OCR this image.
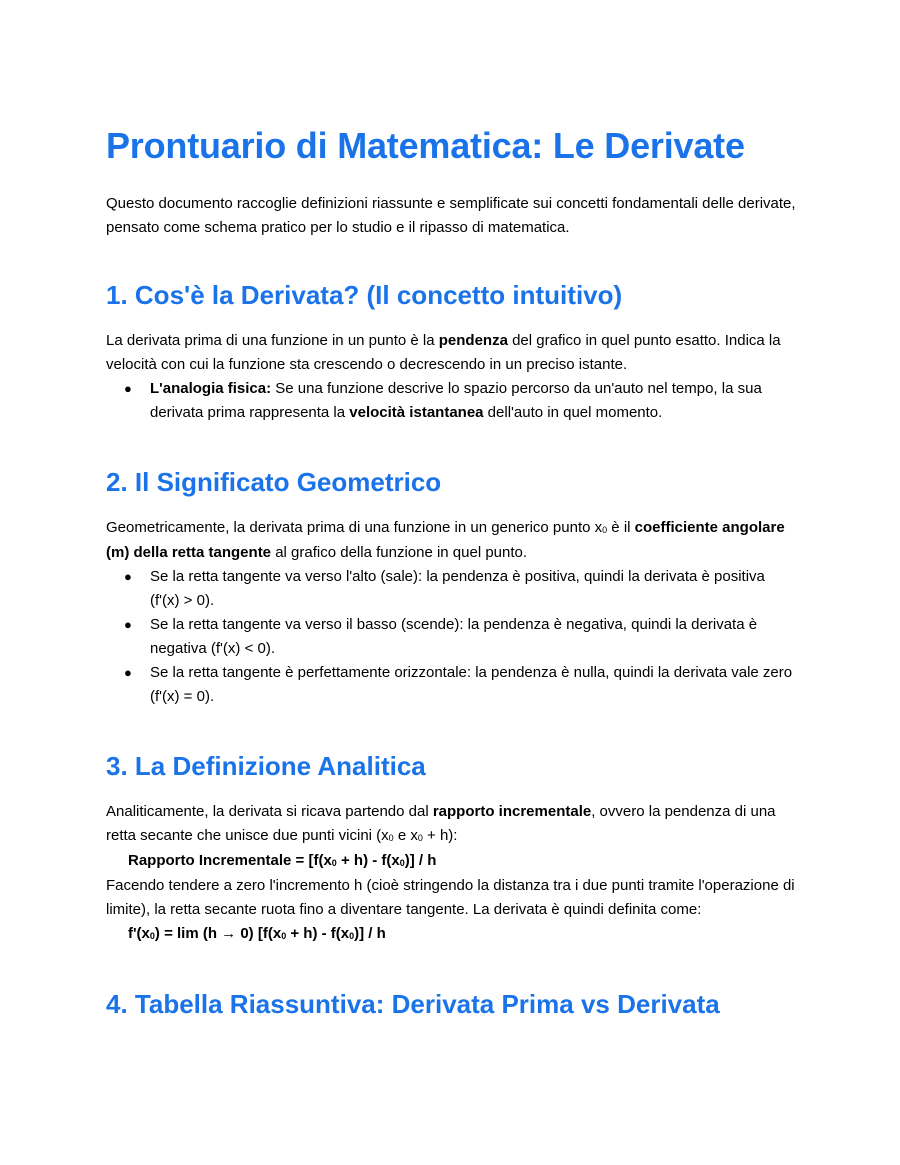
Prontuario di Matematica: Le Derivate

Questo documento raccoglie definizioni riassunte e semplificate sui concetti fondamentali delle derivate, pensato come schema pratico per lo studio e il ripasso di matematica.

1. Cos'è la Derivata? (Il concetto intuitivo)

La derivata prima di una funzione in un punto è la pendenza del grafico in quel punto esatto. Indica la velocità con cui la funzione sta crescendo o decrescendo in un preciso istante.

● L'analogia fisica: Se una funzione descrive lo spazio percorso da un'auto nel tempo, la sua derivata prima rappresenta la velocità istantanea dell'auto in quel momento.
2. Il Significato Geometrico

Geometricamente, la derivata prima di una funzione in un generico punto $x_0$ è il coefficiente angolare (m) della retta tangente al grafico della funzione in quel punto.

● Se la retta tangente va verso l'alto (sale): la pendenza è positiva, quindi la derivata è positiva (f'(x) > 0).
● Se la retta tangente va verso il basso (scende): la pendenza è negativa, quindi la derivata è negativa (f'(x) < 0).
● Se la retta tangente è perfettamente orizzontale: la pendenza è nulla, quindi la derivata vale zero (f'(x) = 0).
3. La Definizione Analitica

Analiticamente, la derivata si ricava partendo dal rapporto incrementale, ovvero la pendenza di una retta secante che unisce due punti vicini ($x_0$ e $x_0 + h$):

Rapporto Incrementale = $[f(x_0 + h) - f(x_0)] / h$

Facendo tendere a zero l'incremento h (cioè stringendo la distanza tra i due punti tramite l'operazione di limite), la retta secante ruota fino a diventare tangente. La derivata è quindi definita come:

$f'(x_0) = \lim (h \to 0) [f(x_0 + h) - f(x_0)] / h$
4. Tabella Riassuntiva: Derivata Prima vs Derivata
